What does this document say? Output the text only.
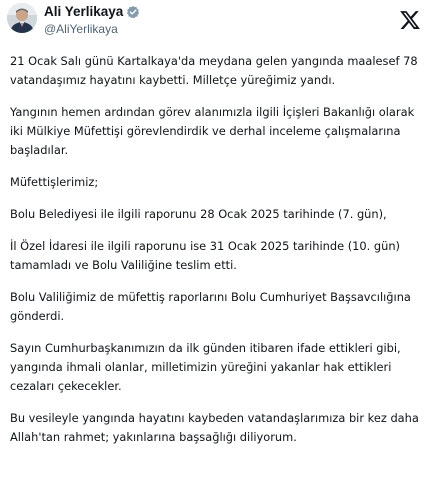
Ali Yerlikaya
@AliYerlikaya

21 Ocak Salı günü Kartalkaya'da meydana gelen yangında maalesef 78
vatandaşımız hayatını kaybetti. Milletçe yüreğimiz yandı.

Yangının hemen ardından görev alanımızla ilgili İçişleri Bakanlığı olarak
iki Mülkiye Müfettişi görevlendirdik ve derhal inceleme çalışmalarına
başladılar.

Müfettişlerimiz;

Bolu Belediyesi ile ilgili raporunu 28 Ocak 2025 tarihinde (7. gün),

İl Özel İdaresi ile ilgili raporunu ise 31 Ocak 2025 tarihinde (10. gün)
tamamladı ve Bolu Valiliğine teslim etti.

Bolu Valiliğimiz de müfettiş raporlarını Bolu Cumhuriyet Başsavcılığına
gönderdi.

Sayın Cumhurbaşkanımızın da ilk günden itibaren ifade ettikleri gibi,
yangında ihmali olanlar, milletimizin yüreğini yakanlar hak ettikleri
cezaları çekecekler.

Bu vesileyle yangında hayatını kaybeden vatandaşlarımıza bir kez daha
Allah'tan rahmet; yakınlarına başsağlığı diliyorum.
